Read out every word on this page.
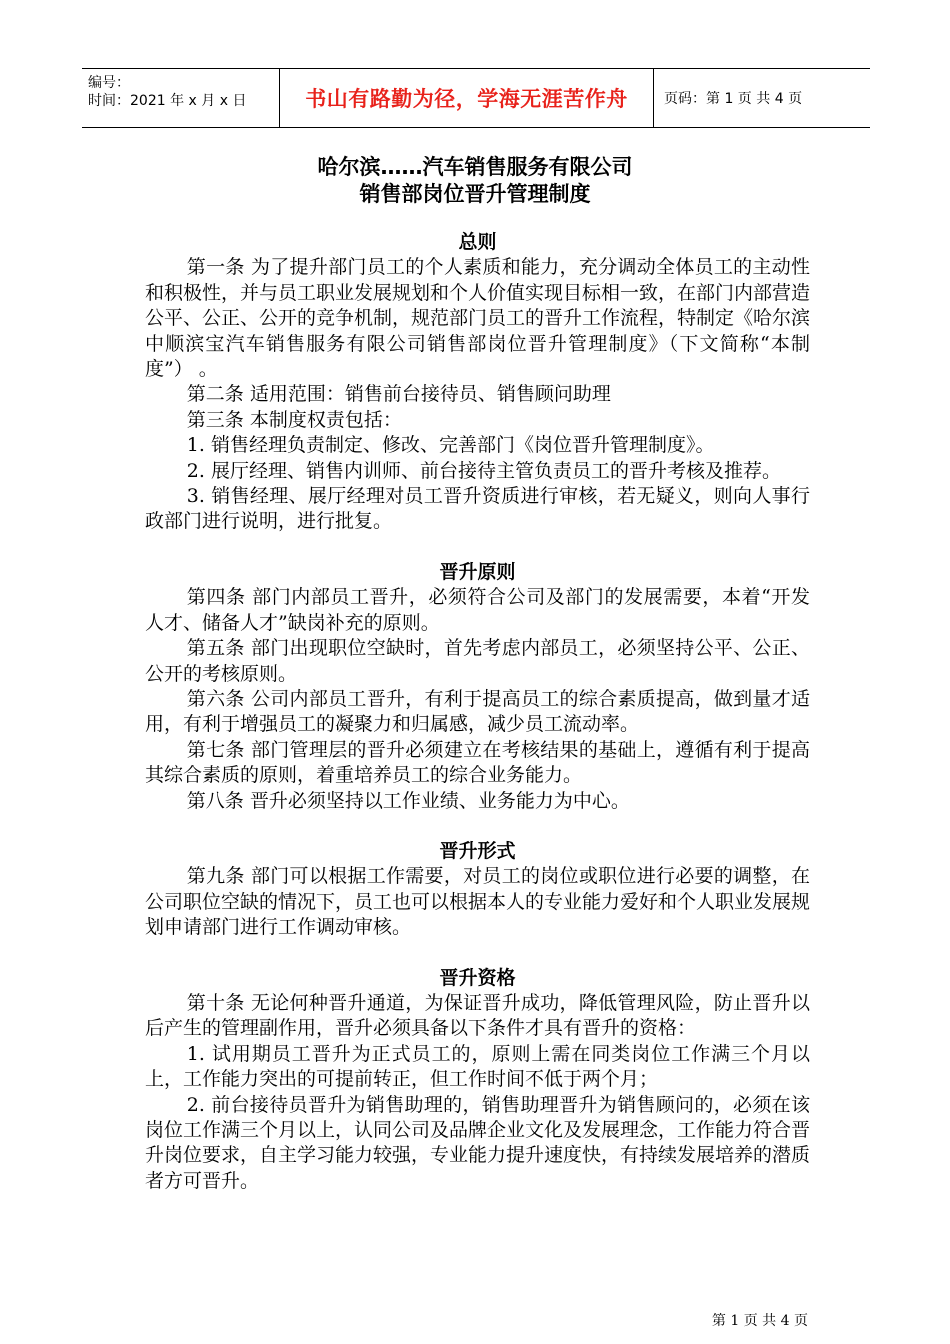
编号：
时间：2021 年 x 月 x 日	书山有路勤为径，学海无涯苦作舟	页码：第 1 页 共 4 页
哈尔滨……汽车销售服务有限公司
销售部岗位晋升管理制度
总则

第一条 为了提升部门员工的个人素质和能力，充分调动全体员工的主动性和积极性，并与员工职业发展规划和个人价值实现目标相一致，在部门内部营造公平、公正、公开的竞争机制，规范部门员工的晋升工作流程，特制定《哈尔滨中顺滨宝汽车销售服务有限公司销售部岗位晋升管理制度》（下文简称“本制度”） 。

第二条 适用范围：销售前台接待员、销售顾问助理

第三条 本制度权责包括：

1. 销售经理负责制定、修改、完善部门《岗位晋升管理制度》。

2. 展厅经理、销售内训师、前台接待主管负责员工的晋升考核及推荐。

3. 销售经理、展厅经理对员工晋升资质进行审核，若无疑义，则向人事行政部门进行说明，进行批复。

晋升原则

第四条 部门内部员工晋升，必须符合公司及部门的发展需要，本着“开发人才、储备人才”缺岗补充的原则。

第五条 部门出现职位空缺时，首先考虑内部员工，必须坚持公平、公正、公开的考核原则。

第六条 公司内部员工晋升，有利于提高员工的综合素质提高，做到量才适用，有利于增强员工的凝聚力和归属感，减少员工流动率。

第七条 部门管理层的晋升必须建立在考核结果的基础上，遵循有利于提高其综合素质的原则，着重培养员工的综合业务能力。

第八条 晋升必须坚持以工作业绩、业务能力为中心。

晋升形式

第九条 部门可以根据工作需要，对员工的岗位或职位进行必要的调整，在公司职位空缺的情况下，员工也可以根据本人的专业能力爱好和个人职业发展规划申请部门进行工作调动审核。

晋升资格

第十条 无论何种晋升通道，为保证晋升成功，降低管理风险，防止晋升以后产生的管理副作用，晋升必须具备以下条件才具有晋升的资格：

1. 试用期员工晋升为正式员工的，原则上需在同类岗位工作满三个月以上，工作能力突出的可提前转正，但工作时间不低于两个月；

2. 前台接待员晋升为销售助理的，销售助理晋升为销售顾问的，必须在该岗位工作满三个月以上，认同公司及品牌企业文化及发展理念，工作能力符合晋升岗位要求，自主学习能力较强，专业能力提升速度快，有持续发展培养的潜质者方可晋升。

第 1 页 共 4 页
